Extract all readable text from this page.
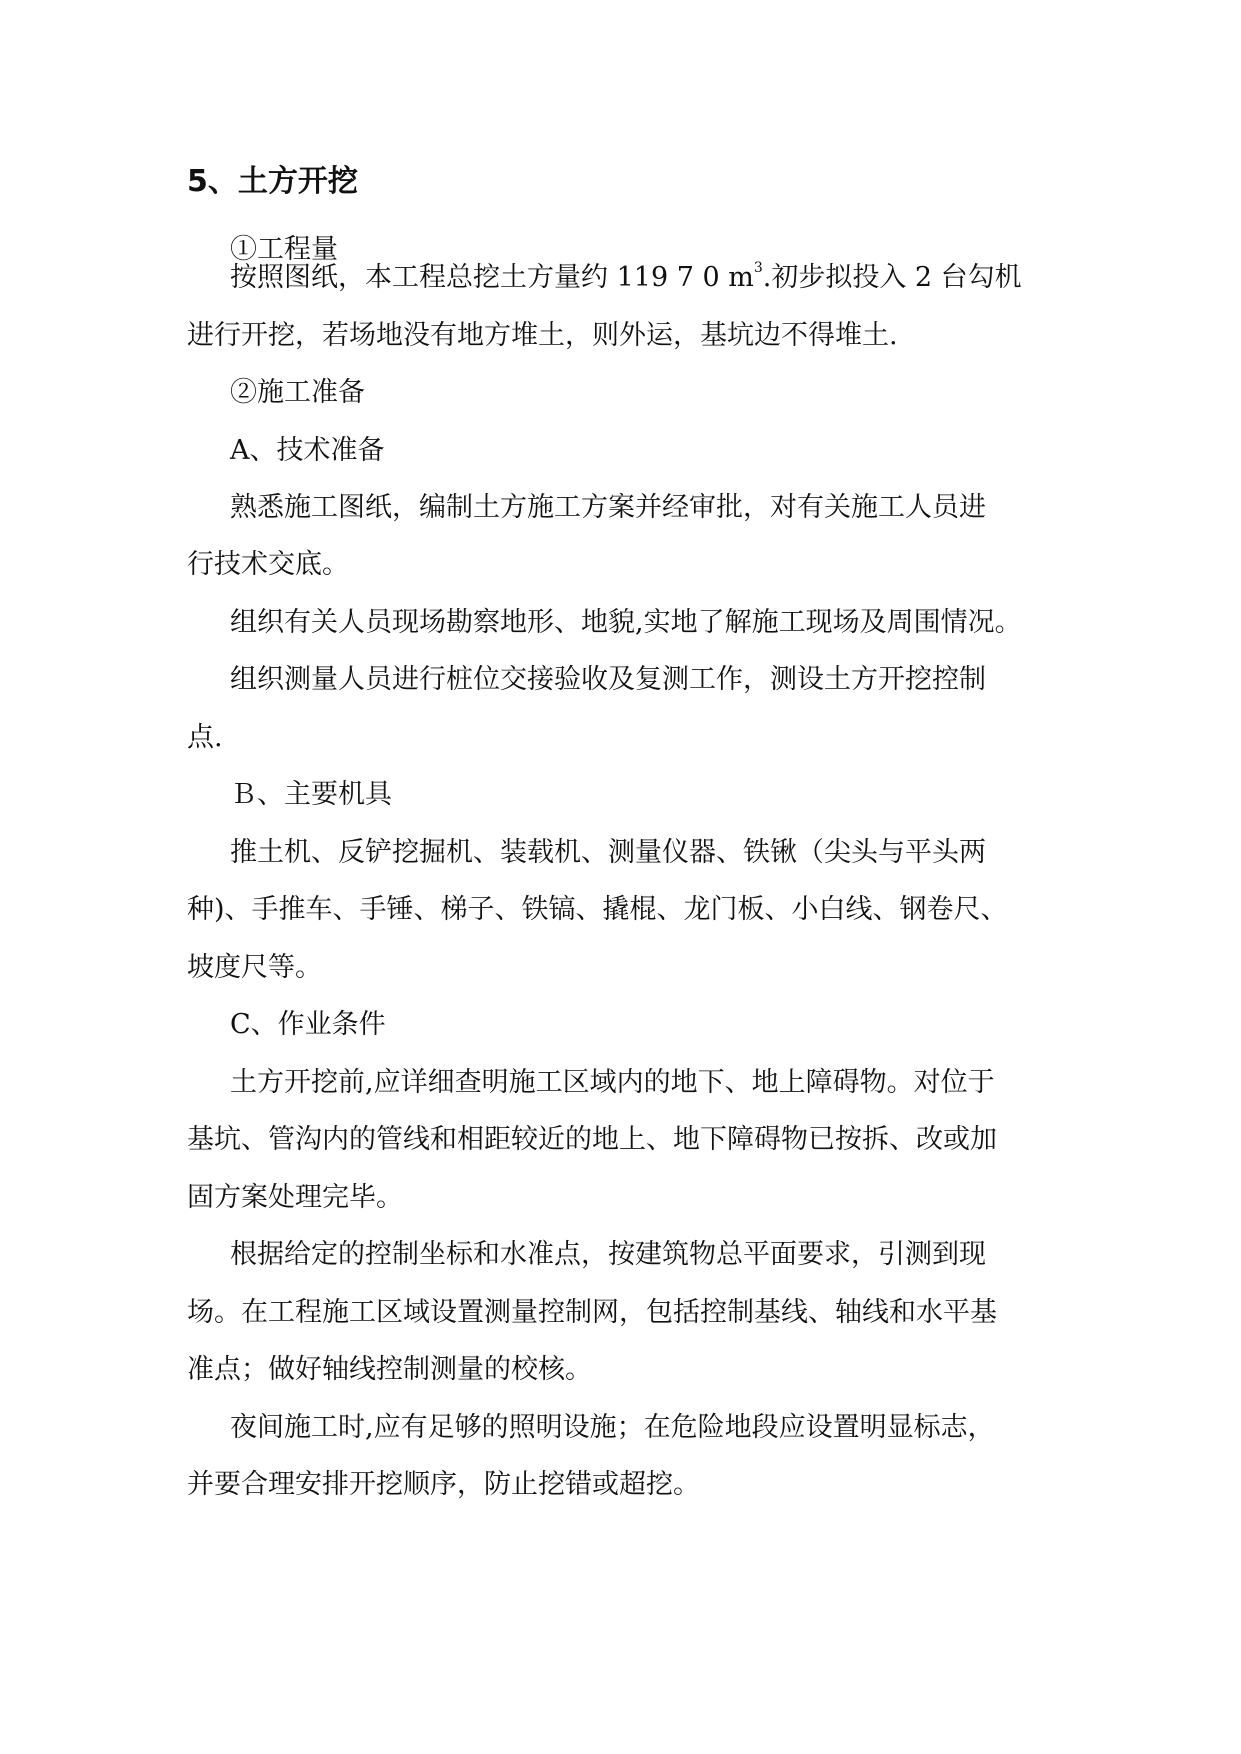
5、土方开挖
①工程量
按照图纸，本工程总挖土方量约 119 7 0 $m^3$.初步拟投入 2 台勾机
进行开挖，若场地没有地方堆土，则外运，基坑边不得堆土.
②施工准备
A、技术准备
熟悉施工图纸，编制土方施工方案并经审批，对有关施工人员进
行技术交底。
组织有关人员现场勘察地形、地貌,实地了解施工现场及周围情况。
组织测量人员进行桩位交接验收及复测工作，测设土方开挖控制
点.
Ｂ、主要机具
推土机、反铲挖掘机、装载机、测量仪器、铁锹（尖头与平头两
种)、手推车、手锤、梯子、铁镐、撬棍、龙门板、小白线、钢卷尺、
坡度尺等。
C、作业条件
土方开挖前,应详细查明施工区域内的地下、地上障碍物。对位于
基坑、管沟内的管线和相距较近的地上、地下障碍物已按拆、改或加
固方案处理完毕。
根据给定的控制坐标和水准点，按建筑物总平面要求，引测到现
场。在工程施工区域设置测量控制网，包括控制基线、轴线和水平基
准点；做好轴线控制测量的校核。
夜间施工时,应有足够的照明设施；在危险地段应设置明显标志，
并要合理安排开挖顺序，防止挖错或超挖。
